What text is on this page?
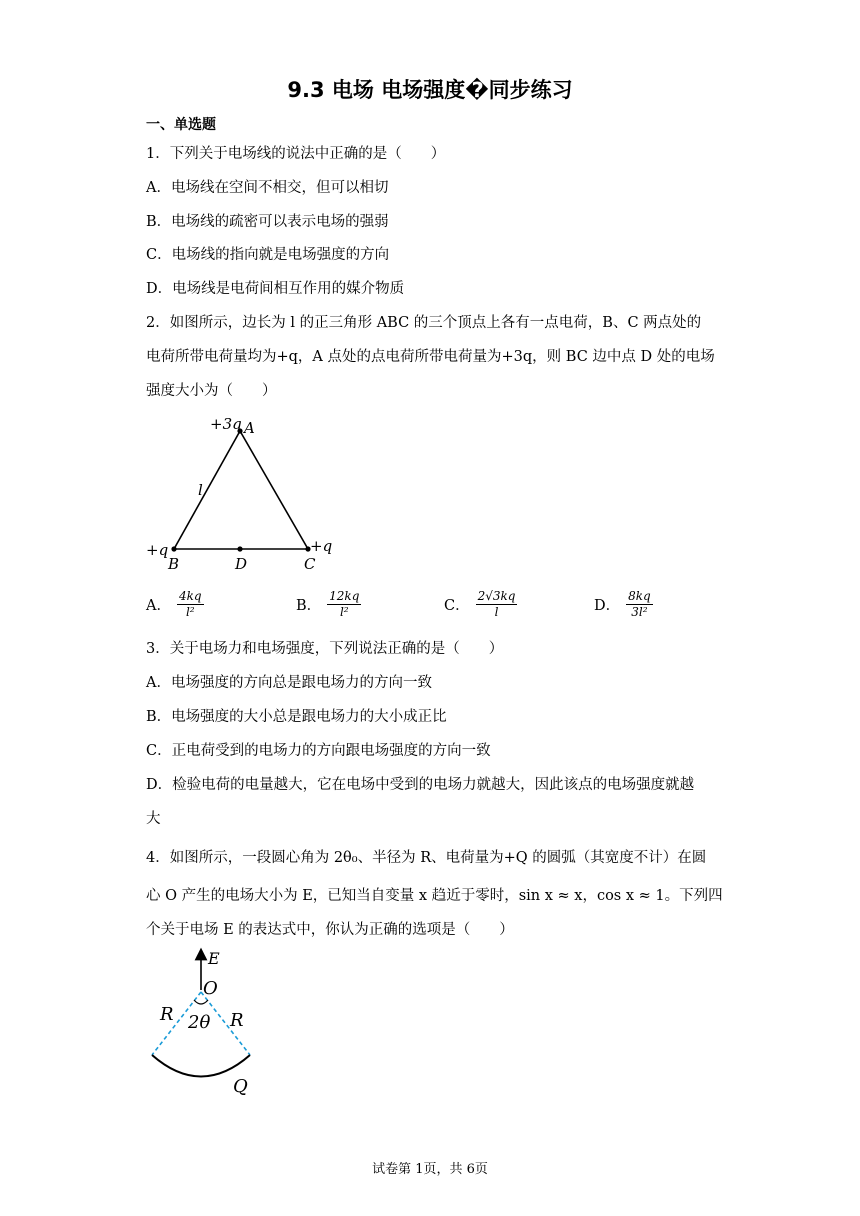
9.3 电场 电场强度�同步练习
一、单选题
1．下列关于电场线的说法中正确的是（　　）
A．电场线在空间不相交，但可以相切
B．电场线的疏密可以表示电场的强弱
C．电场线的指向就是电场强度的方向
D．电场线是电荷间相互作用的媒介物质
2．如图所示，边长为 l 的正三角形 ABC 的三个顶点上各有一点电荷，B、C 两点处的
电荷所带电荷量均为+q，A 点处的点电荷所带电荷量为+3q，则 BC 边中点 D 处的电场
强度大小为（　　）
+3q A
l
+q
B	D
+q
C
A． $\frac{4kq}{\text{l²}}$	B． $\frac{12kq}{\text{l²}}$	C． $\frac{2√3kq}{l}$	D． $\frac{8kq}{\text{3l²}}$
3．关于电场力和电场强度，下列说法正确的是（　　）
A．电场强度的方向总是跟电场力的方向一致
B．电场强度的大小总是跟电场力的大小成正比
C．正电荷受到的电场力的方向跟电场强度的方向一致
D．检验电荷的电量越大，它在电场中受到的电场力就越大，因此该点的电场强度就越
大
4．如图所示，一段圆心角为 2θ₀、半径为 R、电荷量为+Q 的圆弧（其宽度不计）在圆
心 O 产生的电场大小为 E，已知当自变量 x 趋近于零时，sin x ≈ x，cos x ≈ 1。下列四
个关于电场 E 的表达式中，你认为正确的选项是（　　）
E
O
R	R
2θ
Q
试卷第 1页，共 6页
